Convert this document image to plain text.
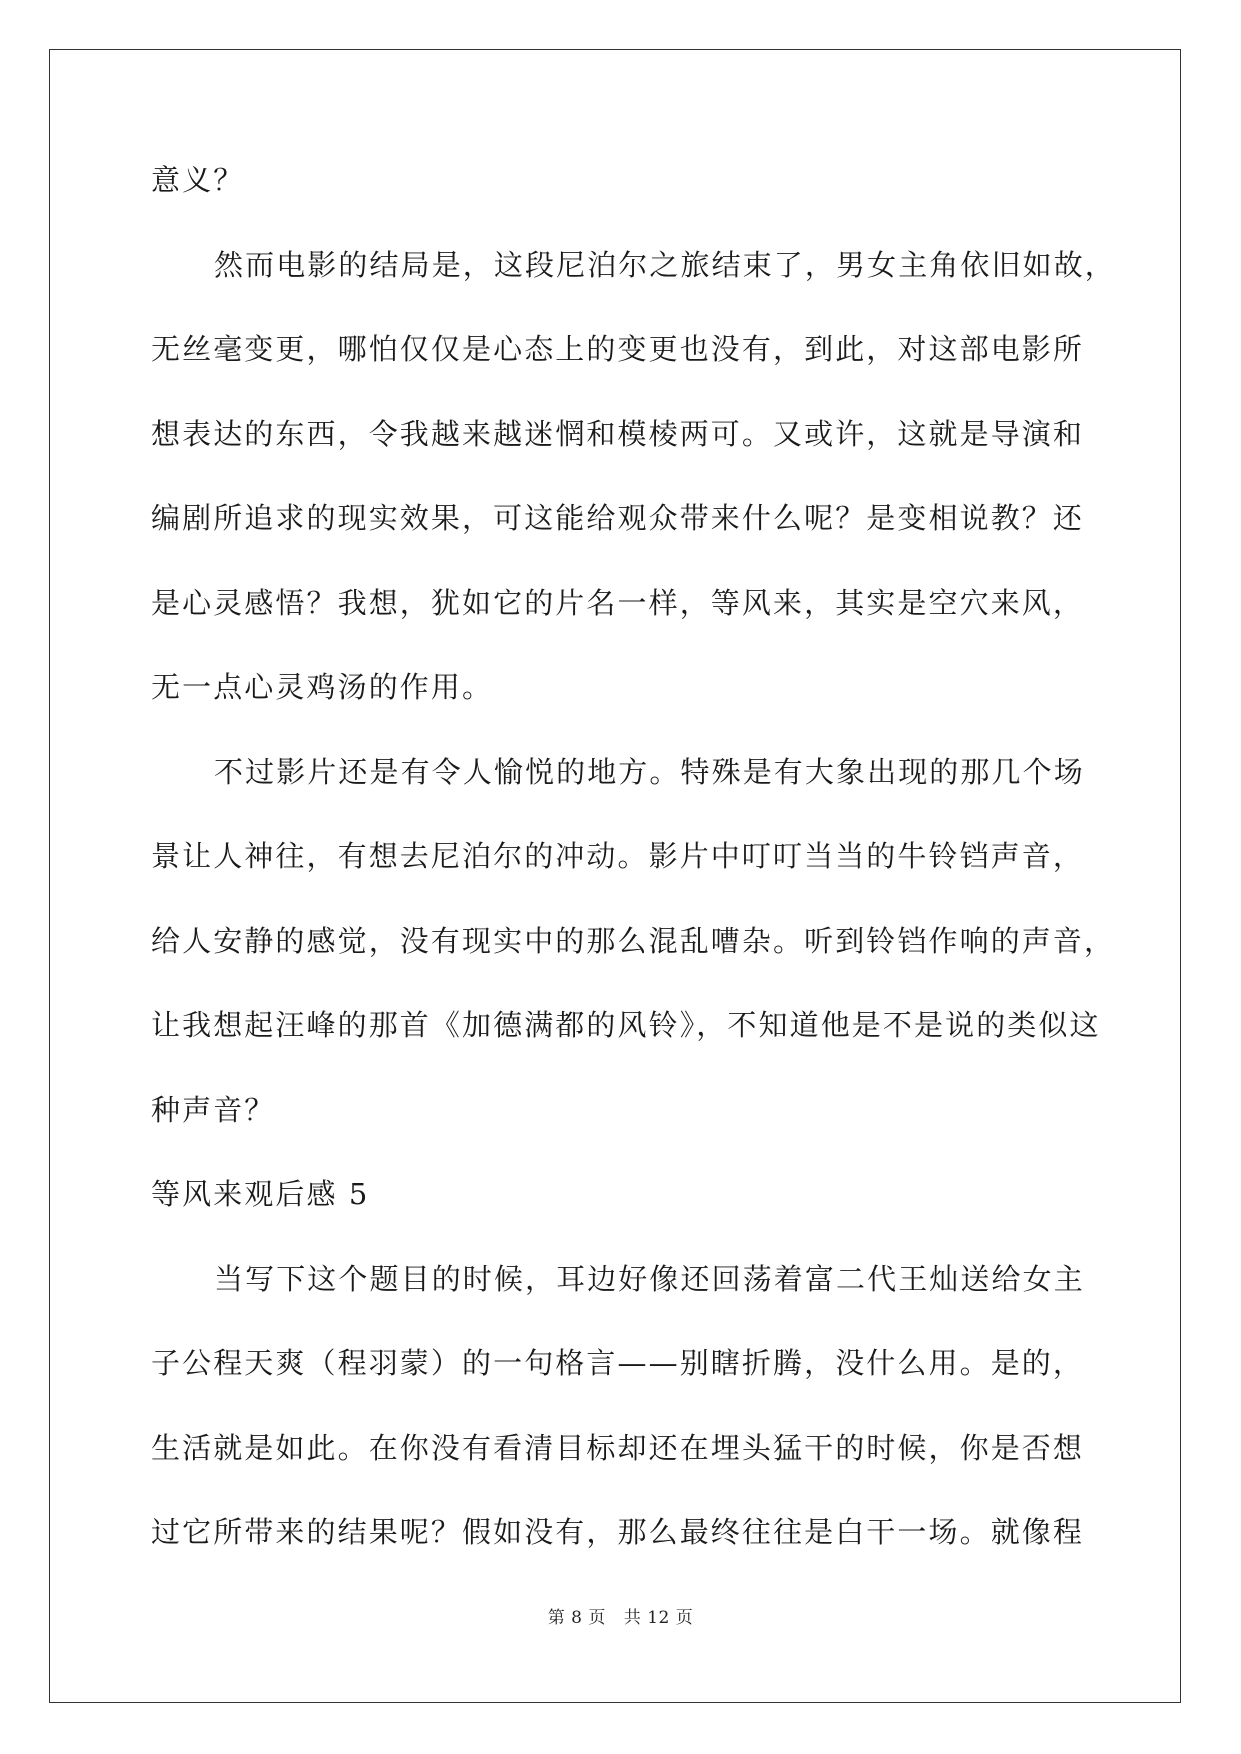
意义？
然而电影的结局是，这段尼泊尔之旅结束了，男女主角依旧如故，
无丝毫变更，哪怕仅仅是心态上的变更也没有，到此，对这部电影所
想表达的东西，令我越来越迷惘和模棱两可。又或许，这就是导演和
编剧所追求的现实效果，可这能给观众带来什么呢？是变相说教？还
是心灵感悟？我想，犹如它的片名一样，等风来，其实是空穴来风，
无一点心灵鸡汤的作用。
不过影片还是有令人愉悦的地方。特殊是有大象出现的那几个场
景让人神往，有想去尼泊尔的冲动。影片中叮叮当当的牛铃铛声音，
给人安静的感觉，没有现实中的那么混乱嘈杂。听到铃铛作响的声音，
让我想起汪峰的那首《加德满都的风铃》，不知道他是不是说的类似这
种声音？
等风来观后感 5
当写下这个题目的时候，耳边好像还回荡着富二代王灿送给女主
子公程天爽（程羽蒙）的一句格言——别瞎折腾，没什么用。是的，
生活就是如此。在你没有看清目标却还在埋头猛干的时候，你是否想
过它所带来的结果呢？假如没有，那么最终往往是白干一场。就像程
第 8 页 共 12 页
